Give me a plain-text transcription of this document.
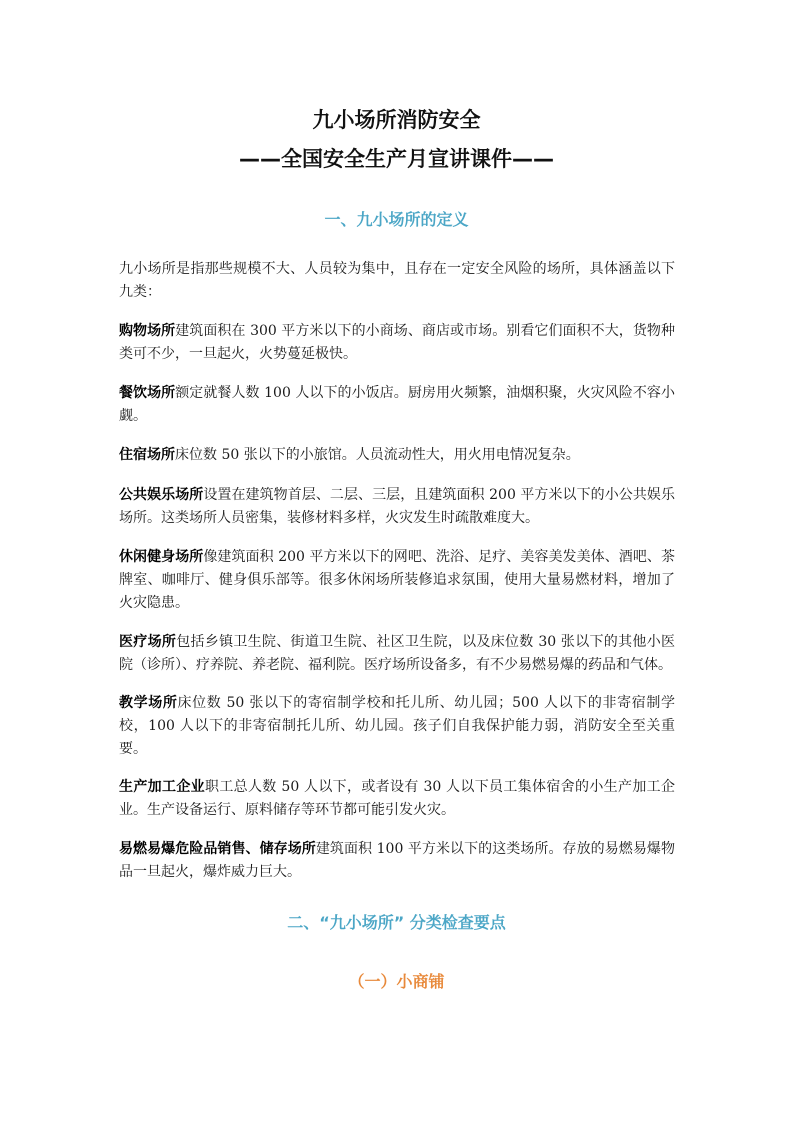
九小场所消防安全
——全国安全生产月宣讲课件——
一、九小场所的定义

九小场所是指那些规模不大、人员较为集中，且存在一定安全风险的场所，具体涵盖以下九类：

购物场所建筑面积在 300 平方米以下的小商场、商店或市场。别看它们面积不大，货物种类可不少，一旦起火，火势蔓延极快。

餐饮场所额定就餐人数 100 人以下的小饭店。厨房用火频繁，油烟积聚，火灾风险不容小觑。

住宿场所床位数 50 张以下的小旅馆。人员流动性大，用火用电情况复杂。

公共娱乐场所设置在建筑物首层、二层、三层，且建筑面积 200 平方米以下的小公共娱乐场所。这类场所人员密集，装修材料多样，火灾发生时疏散难度大。

休闲健身场所像建筑面积 200 平方米以下的网吧、洗浴、足疗、美容美发美体、酒吧、茶牌室、咖啡厅、健身俱乐部等。很多休闲场所装修追求氛围，使用大量易燃材料，增加了火灾隐患。

医疗场所包括乡镇卫生院、街道卫生院、社区卫生院，以及床位数 30 张以下的其他小医院（诊所）、疗养院、养老院、福利院。医疗场所设备多，有不少易燃易爆的药品和气体。

教学场所床位数 50 张以下的寄宿制学校和托儿所、幼儿园；500 人以下的非寄宿制学校，100 人以下的非寄宿制托儿所、幼儿园。孩子们自我保护能力弱，消防安全至关重要。

生产加工企业职工总人数 50 人以下，或者设有 30 人以下员工集体宿舍的小生产加工企业。生产设备运行、原料储存等环节都可能引发火灾。

易燃易爆危险品销售、储存场所建筑面积 100 平方米以下的这类场所。存放的易燃易爆物品一旦起火，爆炸威力巨大。

二、“九小场所” 分类检查要点
（一）小商铺
